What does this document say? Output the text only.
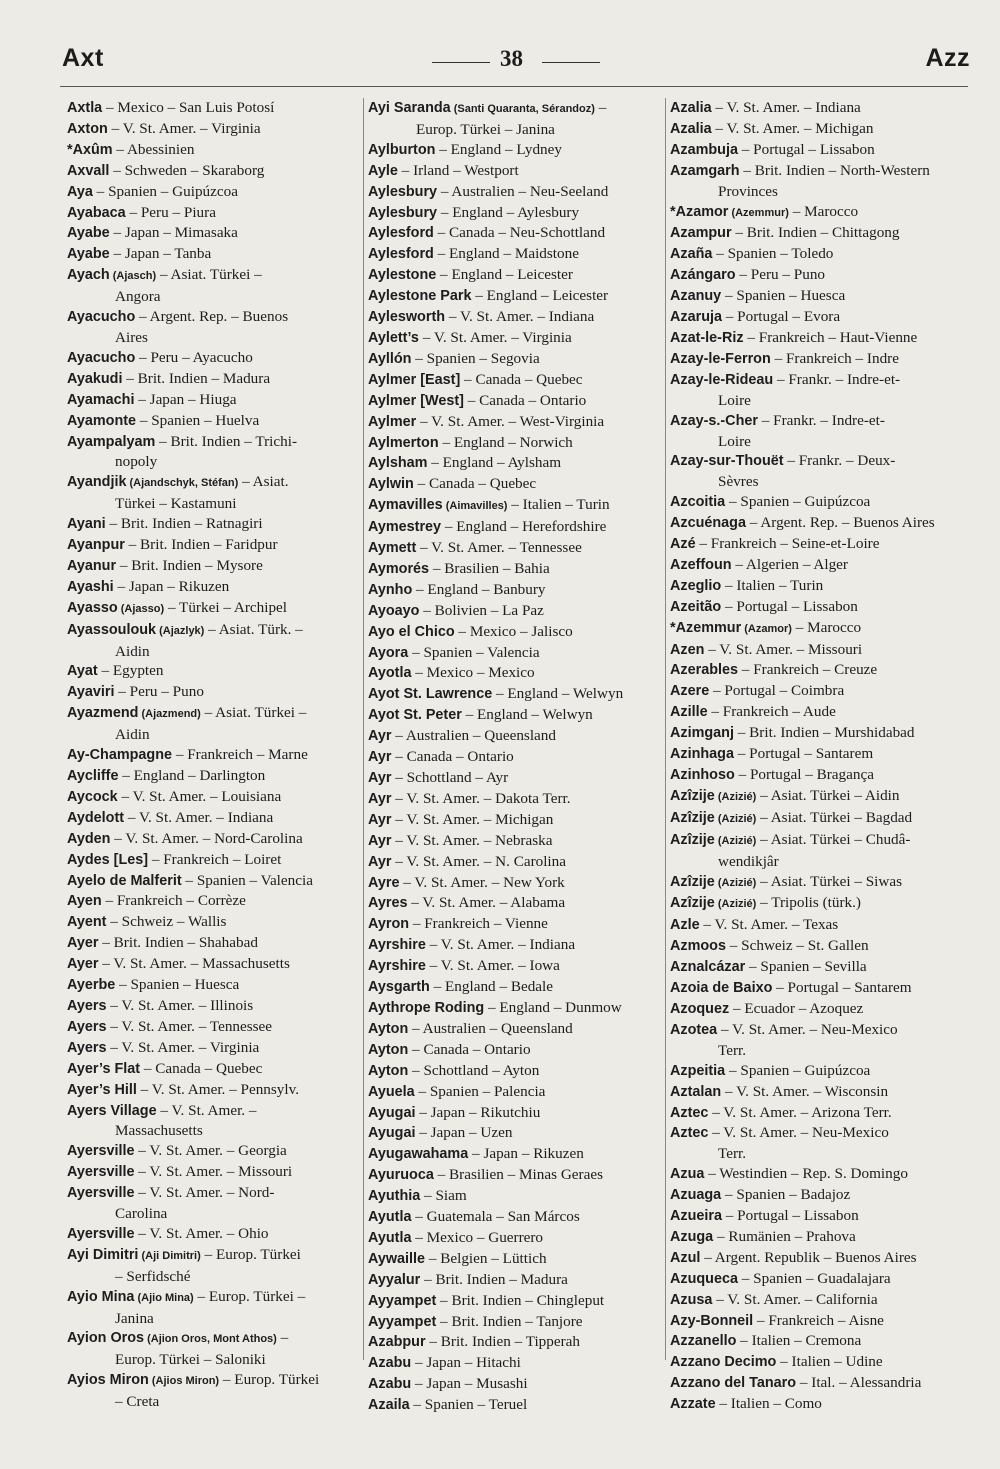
Axt	38	Azz

Axtla – Mexico – San Luis Potosí

Axton – V. St. Amer. – Virginia

*Axûm – Abessinien

Axvall – Schweden – Skaraborg

Aya – Spanien – Guipúzcoa

Ayabaca – Peru – Piura

Ayabe – Japan – Mimasaka

Ayabe – Japan – Tanba

Ayach (Ajasch) – Asiat. Türkei –
Angora

Ayacucho – Argent. Rep. – Buenos
Aires

Ayacucho – Peru – Ayacucho

Ayakudi – Brit. Indien – Madura

Ayamachi – Japan – Hiuga

Ayamonte – Spanien – Huelva

Ayampalyam – Brit. Indien – Trichi-
nopoly

Ayandjik (Ajandschyk, Stéfan) – Asiat.
Türkei – Kastamuni

Ayani – Brit. Indien – Ratnagiri

Ayanpur – Brit. Indien – Faridpur

Ayanur – Brit. Indien – Mysore

Ayashi – Japan – Rikuzen

Ayasso (Ajasso) – Türkei – Archipel

Ayassoulouk (Ajazlyk) – Asiat. Türk. –
Aidin

Ayat – Egypten

Ayaviri – Peru – Puno

Ayazmend (Ajazmend) – Asiat. Türkei –
Aidin

Ay-Champagne – Frankreich – Marne

Aycliffe – England – Darlington

Aycock – V. St. Amer. – Louisiana

Aydelott – V. St. Amer. – Indiana

Ayden – V. St. Amer. – Nord-Carolina

Aydes [Les] – Frankreich – Loiret

Ayelo de Malferit – Spanien – Valencia

Ayen – Frankreich – Corrèze

Ayent – Schweiz – Wallis

Ayer – Brit. Indien – Shahabad

Ayer – V. St. Amer. – Massachusetts

Ayerbe – Spanien – Huesca

Ayers – V. St. Amer. – Illinois

Ayers – V. St. Amer. – Tennessee

Ayers – V. St. Amer. – Virginia

Ayer’s Flat – Canada – Quebec

Ayer’s Hill – V. St. Amer. – Pennsylv.

Ayers Village – V. St. Amer. –
Massachusetts

Ayersville – V. St. Amer. – Georgia

Ayersville – V. St. Amer. – Missouri

Ayersville – V. St. Amer. – Nord-
Carolina

Ayersville – V. St. Amer. – Ohio

Ayi Dimitri (Aji Dimitri) – Europ. Türkei
– Serfidsché

Ayio Mina (Ajio Mina) – Europ. Türkei –
Janina

Ayion Oros (Ajion Oros, Mont Athos) –
Europ. Türkei – Saloniki

Ayios Miron (Ajios Miron) – Europ. Türkei
– Creta

Ayi Saranda (Santi Quaranta, Sérandoz) –
Europ. Türkei – Janina

Aylburton – England – Lydney

Ayle – Irland – Westport

Aylesbury – Australien – Neu-Seeland

Aylesbury – England – Aylesbury

Aylesford – Canada – Neu-Schottland

Aylesford – England – Maidstone

Aylestone – England – Leicester

Aylestone Park – England – Leicester

Aylesworth – V. St. Amer. – Indiana

Aylett’s – V. St. Amer. – Virginia

Ayllón – Spanien – Segovia

Aylmer [East] – Canada – Quebec

Aylmer [West] – Canada – Ontario

Aylmer – V. St. Amer. – West-Virginia

Aylmerton – England – Norwich

Aylsham – England – Aylsham

Aylwin – Canada – Quebec

Aymavilles (Aimavilles) – Italien – Turin

Aymestrey – England – Herefordshire

Aymett – V. St. Amer. – Tennessee

Aymorés – Brasilien – Bahia

Aynho – England – Banbury

Ayoayo – Bolivien – La Paz

Ayo el Chico – Mexico – Jalisco

Ayora – Spanien – Valencia

Ayotla – Mexico – Mexico

Ayot St. Lawrence – England – Welwyn

Ayot St. Peter – England – Welwyn

Ayr – Australien – Queensland

Ayr – Canada – Ontario

Ayr – Schottland – Ayr

Ayr – V. St. Amer. – Dakota Terr.

Ayr – V. St. Amer. – Michigan

Ayr – V. St. Amer. – Nebraska

Ayr – V. St. Amer. – N. Carolina

Ayre – V. St. Amer. – New York

Ayres – V. St. Amer. – Alabama

Ayron – Frankreich – Vienne

Ayrshire – V. St. Amer. – Indiana

Ayrshire – V. St. Amer. – Iowa

Aysgarth – England – Bedale

Aythrope Roding – England – Dunmow

Ayton – Australien – Queensland

Ayton – Canada – Ontario

Ayton – Schottland – Ayton

Ayuela – Spanien – Palencia

Ayugai – Japan – Rikutchiu

Ayugai – Japan – Uzen

Ayugawahama – Japan – Rikuzen

Ayuruoca – Brasilien – Minas Geraes

Ayuthia – Siam

Ayutla – Guatemala – San Márcos

Ayutla – Mexico – Guerrero

Aywaille – Belgien – Lüttich

Ayyalur – Brit. Indien – Madura

Ayyampet – Brit. Indien – Chingleput

Ayyampet – Brit. Indien – Tanjore

Azabpur – Brit. Indien – Tipperah

Azabu – Japan – Hitachi

Azabu – Japan – Musashi

Azaila – Spanien – Teruel

Azalia – V. St. Amer. – Indiana

Azalia – V. St. Amer. – Michigan

Azambuja – Portugal – Lissabon

Azamgarh – Brit. Indien – North-Western
Provinces

*Azamor (Azemmur) – Marocco

Azampur – Brit. Indien – Chittagong

Azaña – Spanien – Toledo

Azángaro – Peru – Puno

Azanuy – Spanien – Huesca

Azaruja – Portugal – Evora

Azat-le-Riz – Frankreich – Haut-Vienne

Azay-le-Ferron – Frankreich – Indre

Azay-le-Rideau – Frankr. – Indre-et-
Loire

Azay-s.-Cher – Frankr. – Indre-et-
Loire

Azay-sur-Thouët – Frankr. – Deux-
Sèvres

Azcoitia – Spanien – Guipúzcoa

Azcuénaga – Argent. Rep. – Buenos Aires

Azé – Frankreich – Seine-et-Loire

Azeffoun – Algerien – Alger

Azeglio – Italien – Turin

Azeitão – Portugal – Lissabon

*Azemmur (Azamor) – Marocco

Azen – V. St. Amer. – Missouri

Azerables – Frankreich – Creuze

Azere – Portugal – Coimbra

Azille – Frankreich – Aude

Azimganj – Brit. Indien – Murshidabad

Azinhaga – Portugal – Santarem

Azinhoso – Portugal – Bragança

Azîzije (Azizié) – Asiat. Türkei – Aidin

Azîzije (Azizié) – Asiat. Türkei – Bagdad

Azîzije (Azizié) – Asiat. Türkei – Chudâ-
wendikjâr

Azîzije (Azizié) – Asiat. Türkei – Siwas

Azîzije (Azizié) – Tripolis (türk.)

Azle – V. St. Amer. – Texas

Azmoos – Schweiz – St. Gallen

Aznalcázar – Spanien – Sevilla

Azoia de Baixo – Portugal – Santarem

Azoquez – Ecuador – Azoquez

Azotea – V. St. Amer. – Neu-Mexico
Terr.

Azpeitia – Spanien – Guipúzcoa

Aztalan – V. St. Amer. – Wisconsin

Aztec – V. St. Amer. – Arizona Terr.

Aztec – V. St. Amer. – Neu-Mexico
Terr.

Azua – Westindien – Rep. S. Domingo

Azuaga – Spanien – Badajoz

Azueira – Portugal – Lissabon

Azuga – Rumänien – Prahova

Azul – Argent. Republik – Buenos Aires

Azuqueca – Spanien – Guadalajara

Azusa – V. St. Amer. – California

Azy-Bonneil – Frankreich – Aisne

Azzanello – Italien – Cremona

Azzano Decimo – Italien – Udine

Azzano del Tanaro – Ital. – Alessandria

Azzate – Italien – Como
